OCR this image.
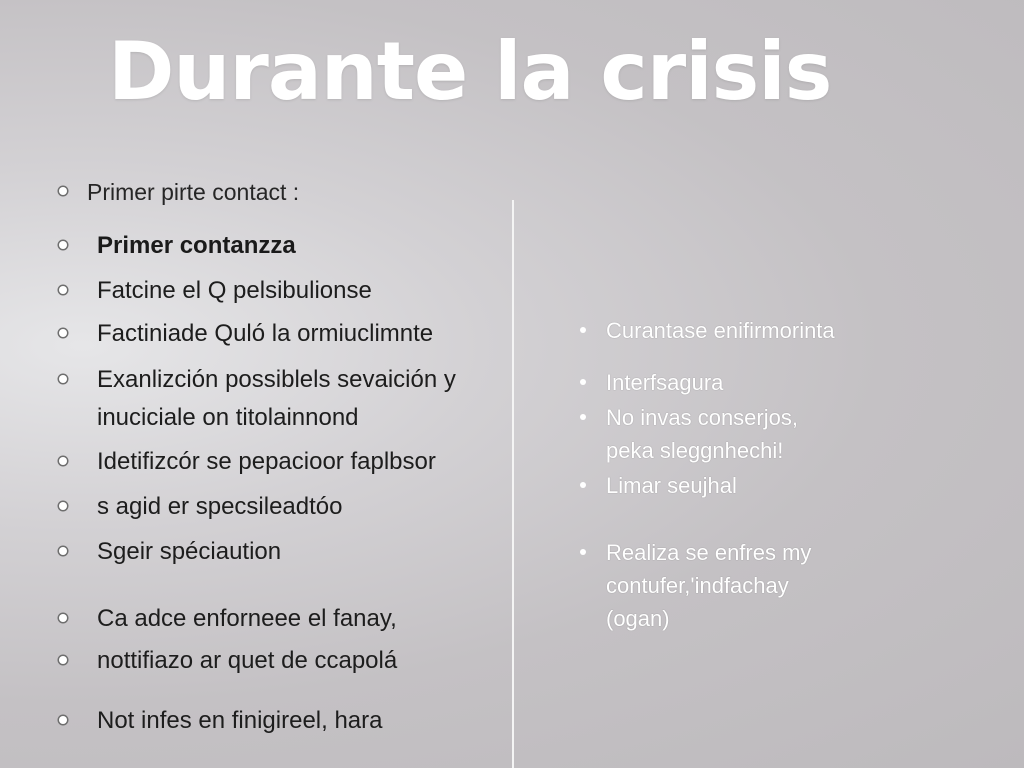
Durante la crisis
Primer pirte contact :
Primer contanzza
Fatcine el Q pelsibulionse
Factiniade Quló la ormiuclimnte
Exanlizción possiblels sevaición y
inuciciale on titolainnond
Idetifizcór se pepacioor faplbsor
s agid er specsileadtóo
Sgeir spéciaution
Ca adce enfornеее el fanay,
nottifiazo ar quet de ccapolá
Not infes en finigireel, hara
Curantase enifirmorinta
Interfsagura
No invas conserjos,
peka sleggnhechi!
Limar seujhal
Realiza se enfres my
contufer,'indfachay
(ogan)
